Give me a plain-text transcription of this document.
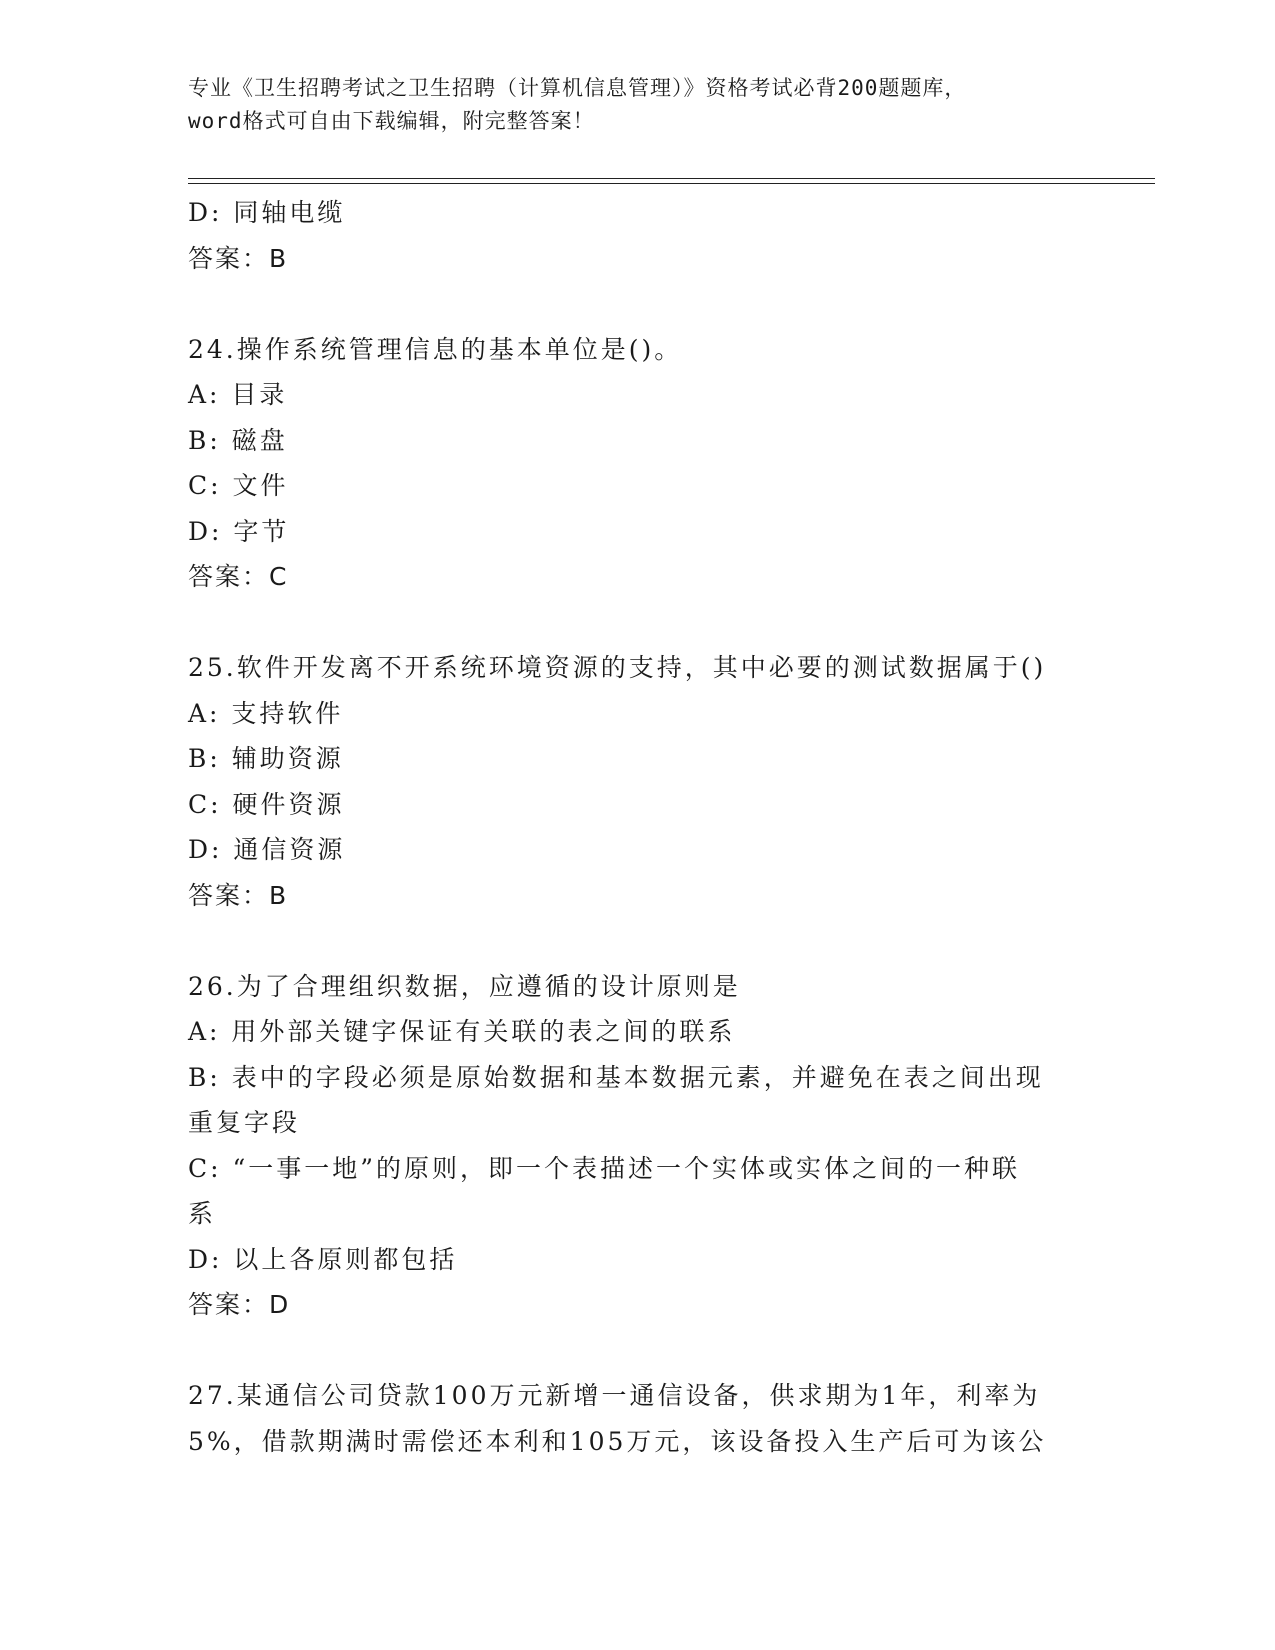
专业《卫生招聘考试之卫生招聘（计算机信息管理）》资格考试必背200题题库，
word格式可自由下载编辑，附完整答案！
D: 同轴电缆
答案：B
24.操作系统管理信息的基本单位是()。
A: 目录
B: 磁盘
C: 文件
D: 字节
答案：C
25.软件开发离不开系统环境资源的支持，其中必要的测试数据属于()
A: 支持软件
B: 辅助资源
C: 硬件资源
D: 通信资源
答案：B
26.为了合理组织数据，应遵循的设计原则是
A: 用外部关键字保证有关联的表之间的联系
B: 表中的字段必须是原始数据和基本数据元素，并避免在表之间出现
重复字段
C: “一事一地”的原则，即一个表描述一个实体或实体之间的一种联
系
D: 以上各原则都包括
答案：D
27.某通信公司贷款100万元新增一通信设备，供求期为1年，利率为
5%，借款期满时需偿还本利和105万元，该设备投入生产后可为该公
